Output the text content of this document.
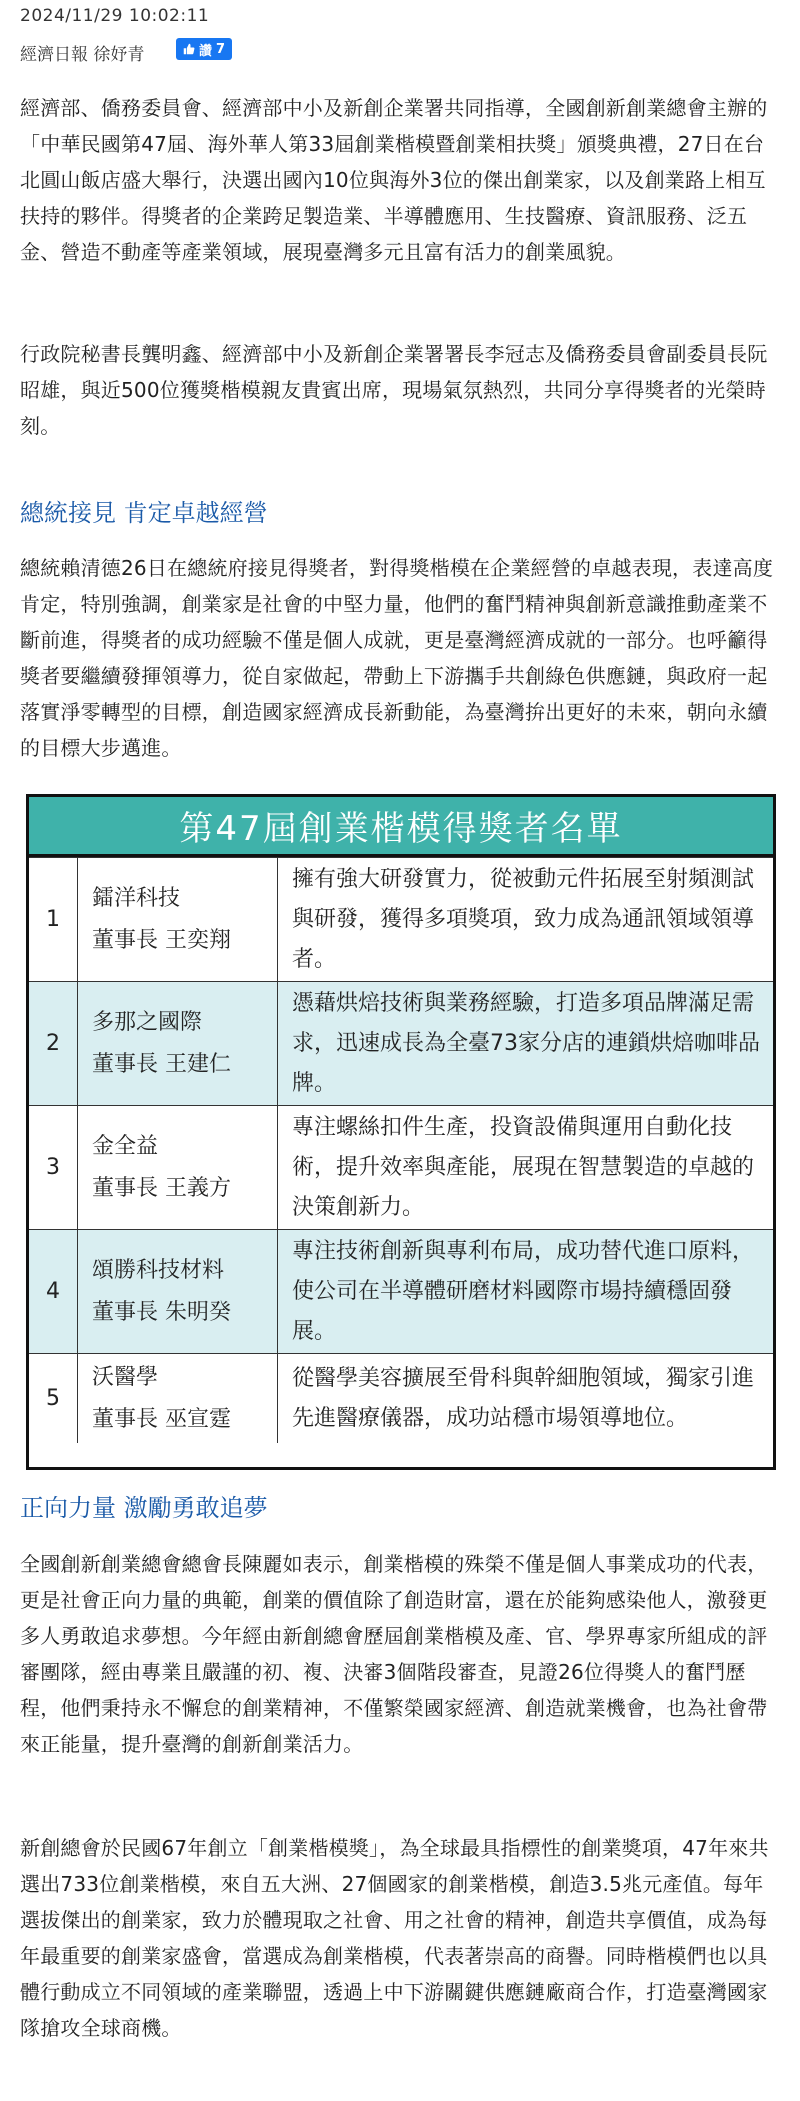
2024/11/29 10:02:11
經濟日報 徐妤青	讚 7

經濟部、僑務委員會、經濟部中小及新創企業署共同指導，全國創新創業總會主辦的「中華民國第47屆、海外華人第33屆創業楷模暨創業相扶獎」頒獎典禮，27日在台北圓山飯店盛大舉行，決選出國內10位與海外3位的傑出創業家，以及創業路上相互扶持的夥伴。得獎者的企業跨足製造業、半導體應用、生技醫療、資訊服務、泛五金、營造不動產等產業領域，展現臺灣多元且富有活力的創業風貌。

行政院秘書長龔明鑫、經濟部中小及新創企業署署長李冠志及僑務委員會副委員長阮昭雄，與近500位獲獎楷模親友貴賓出席，現場氣氛熱烈，共同分享得獎者的光榮時刻。

總統接見 肯定卓越經營

總統賴清德26日在總統府接見得獎者，對得獎楷模在企業經營的卓越表現，表達高度肯定，特別強調，創業家是社會的中堅力量，他們的奮鬥精神與創新意識推動產業不斷前進，得獎者的成功經驗不僅是個人成就，更是臺灣經濟成就的一部分。也呼籲得獎者要繼續發揮領導力，從自家做起，帶動上下游攜手共創綠色供應鏈，與政府一起落實淨零轉型的目標，創造國家經濟成長新動能，為臺灣拚出更好的未來，朝向永續的目標大步邁進。

第47屆創業楷模得獎者名單
1
鐳洋科技
董事長 王奕翔
擁有強大研發實力，從被動元件拓展至射頻測試與研發，獲得多項獎項，致力成為通訊領域領導者。
2
多那之國際
董事長 王建仁
憑藉烘焙技術與業務經驗，打造多項品牌滿足需求，迅速成長為全臺73家分店的連鎖烘焙咖啡品牌。
3
金全益
董事長 王義方
專注螺絲扣件生產，投資設備與運用自動化技術，提升效率與產能，展現在智慧製造的卓越的決策創新力。
4
頌勝科技材料
董事長 朱明癸
專注技術創新與專利布局，成功替代進口原料，使公司在半導體研磨材料國際市場持續穩固發展。
5
沃醫學
董事長 巫宣霆
從醫學美容擴展至骨科與幹細胞領域，獨家引進先進醫療儀器，成功站穩市場領導地位。
正向力量 激勵勇敢追夢

全國創新創業總會總會長陳麗如表示，創業楷模的殊榮不僅是個人事業成功的代表，更是社會正向力量的典範，創業的價值除了創造財富，還在於能夠感染他人，激發更多人勇敢追求夢想。今年經由新創總會歷屆創業楷模及產、官、學界專家所組成的評審團隊，經由專業且嚴謹的初、複、決審3個階段審查，見證26位得獎人的奮鬥歷程，他們秉持永不懈怠的創業精神，不僅繁榮國家經濟、創造就業機會，也為社會帶來正能量，提升臺灣的創新創業活力。

新創總會於民國67年創立「創業楷模獎」，為全球最具指標性的創業獎項，47年來共選出733位創業楷模，來自五大洲、27個國家的創業楷模，創造3.5兆元產值。每年選拔傑出的創業家，致力於體現取之社會、用之社會的精神，創造共享價值，成為每年最重要的創業家盛會，當選成為創業楷模，代表著崇高的商譽。同時楷模們也以具體行動成立不同領域的產業聯盟，透過上中下游關鍵供應鏈廠商合作，打造臺灣國家隊搶攻全球商機。
